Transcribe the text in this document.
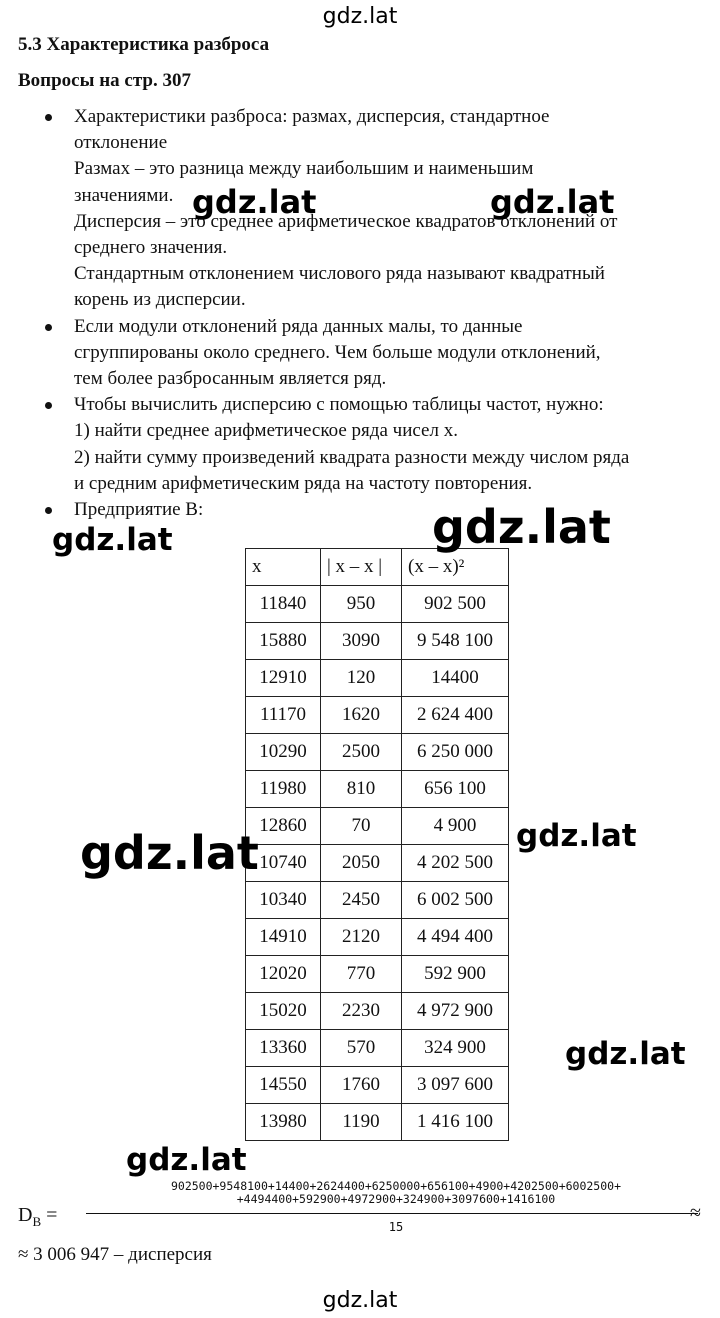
gdz.lat
5.3 Характеристика разброса
Вопросы на стр. 307
Характеристики разброса: размах, дисперсия, стандартное
отклонение
Размах – это разница между наибольшим и наименьшим
значениями.
Дисперсия – это среднее арифметическое квадратов отклонений от
среднего значения.
Стандартным отклонением числового ряда называют квадратный
корень из дисперсии.
Если модули отклонений ряда данных малы, то данные
сгруппированы около среднего. Чем больше модули отклонений,
тем более разбросанным является ряд.
Чтобы вычислить дисперсию с помощью таблицы частот, нужно:
1) найти среднее арифметическое ряда чисел x.
2) найти сумму произведений квадрата разности между числом ряда
и средним арифметическим ряда на частоту повторения.
Предприятие В:
x	| x – x |	(x – x)²
11840	950	902 500
15880	3090	9 548 100
12910	120	14400
11170	1620	2 624 400
10290	2500	6 250 000
11980	810	656 100
12860	70	4 900
10740	2050	4 202 500
10340	2450	6 002 500
14910	2120	4 494 400
12020	770	592 900
15020	2230	4 972 900
13360	570	324 900
14550	1760	3 097 600
13980	1190	1 416 100
$D_B$ =
902500+9548100+14400+2624400+6250000+656100+4900+4202500+6002500+
+4494400+592900+4972900+324900+3097600+1416100
15
≈
≈ 3 006 947 – дисперсия
gdz.lat
gdz.lat	gdz.lat
gdz.lat
gdz.lat
gdz.lat	gdz.lat
gdz.lat
gdz.lat
